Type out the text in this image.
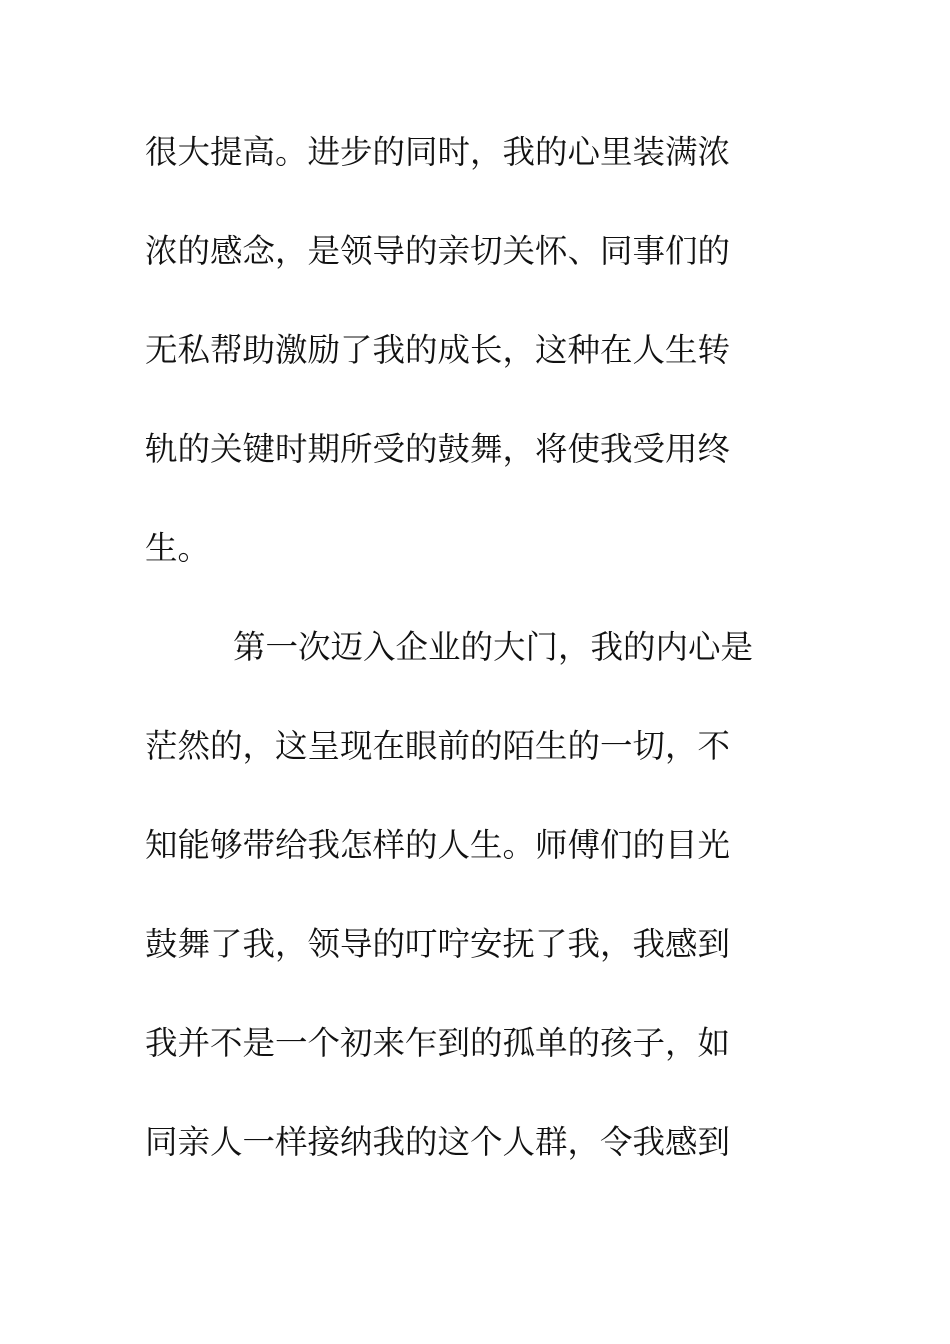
很大提高。进步的同时，我的心里装满浓
浓的感念，是领导的亲切关怀、同事们的
无私帮助激励了我的成长，这种在人生转
轨的关键时期所受的鼓舞，将使我受用终
生。
第一次迈入企业的大门，我的内心是
茫然的，这呈现在眼前的陌生的一切，不
知能够带给我怎样的人生。师傅们的目光
鼓舞了我，领导的叮咛安抚了我，我感到
我并不是一个初来乍到的孤单的孩子，如
同亲人一样接纳我的这个人群，令我感到
